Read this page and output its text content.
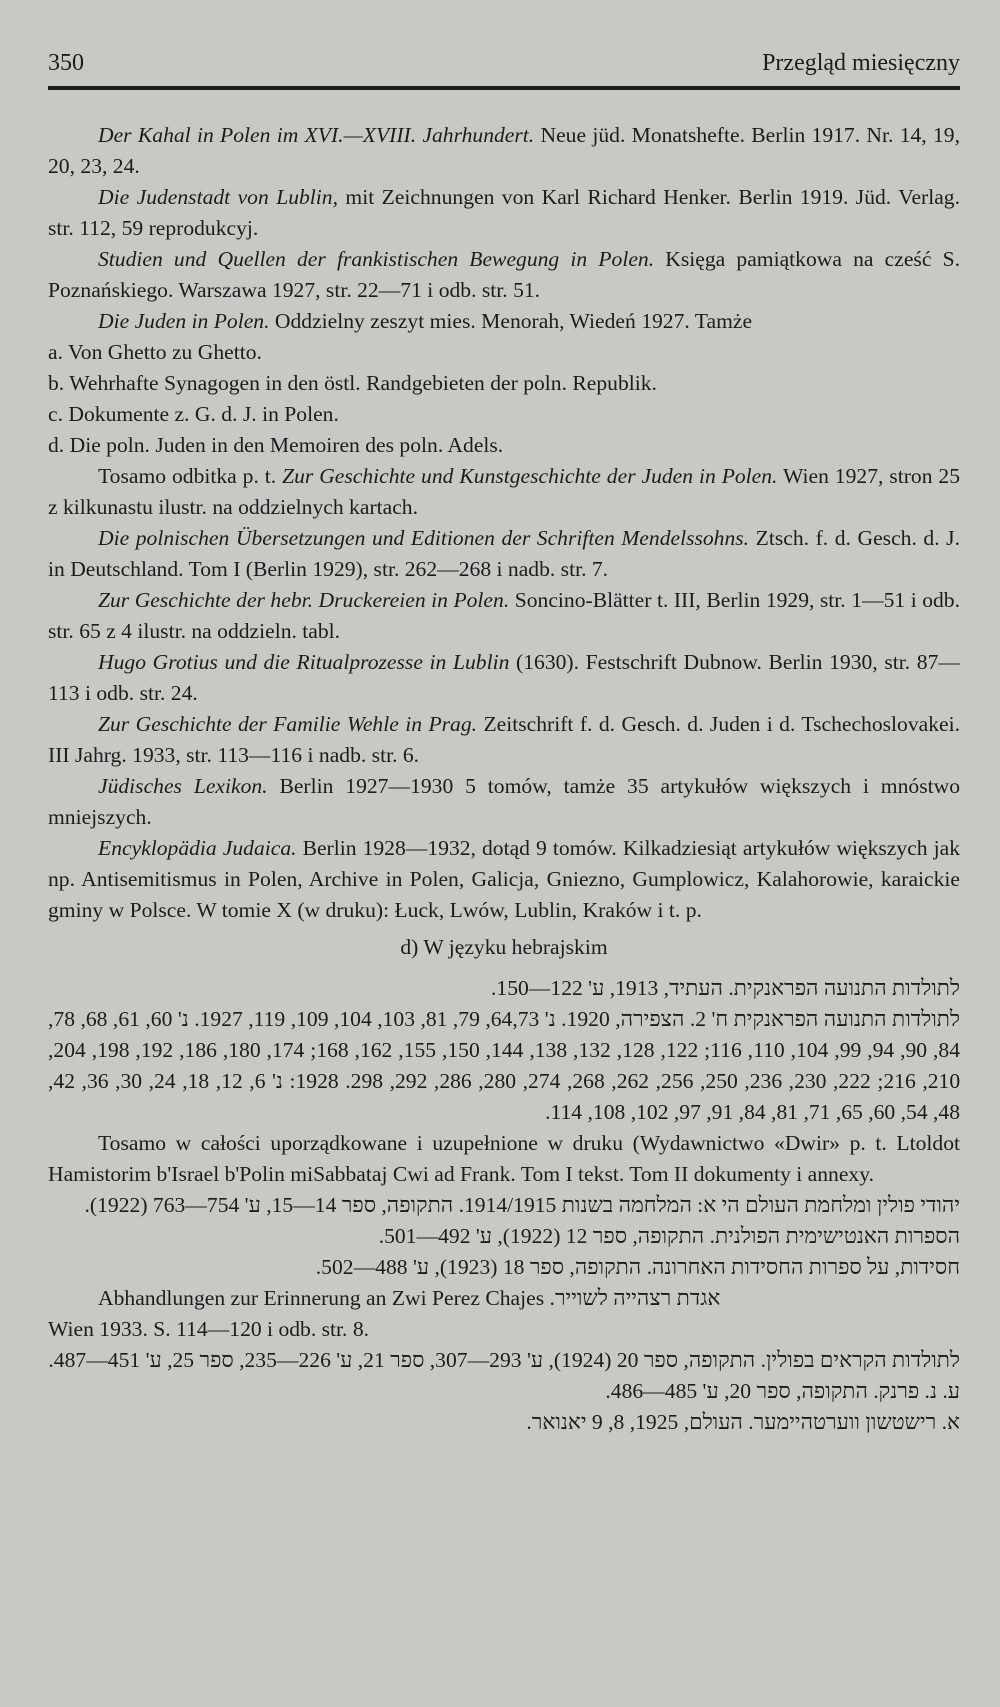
350	Przegląd miesięczny

Der Kahal in Polen im XVI.—XVIII. Jahrhundert. Neue jüd. Monatshefte. Berlin 1917. Nr. 14, 19, 20, 23, 24.

Die Judenstadt von Lublin, mit Zeichnungen von Karl Richard Henker. Berlin 1919. Jüd. Verlag. str. 112, 59 reprodukcyj.

Studien und Quellen der frankistischen Bewegung in Polen. Księga pamiątkowa na cześć S. Poznańskiego. Warszawa 1927, str. 22—71 i odb. str. 51.

Die Juden in Polen. Oddzielny zeszyt mies. Menorah, Wiedeń 1927. Tamże

a. Von Ghetto zu Ghetto.

b. Wehrhafte Synagogen in den östl. Randgebieten der poln. Republik.

c. Dokumente z. G. d. J. in Polen.

d. Die poln. Juden in den Memoiren des poln. Adels.

Tosamo odbitka p. t. Zur Geschichte und Kunstgeschichte der Juden in Polen. Wien 1927, stron 25 z kilkunastu ilustr. na oddzielnych kartach.

Die polnischen Übersetzungen und Editionen der Schriften Mendelssohns. Ztsch. f. d. Gesch. d. J. in Deutschland. Tom I (Berlin 1929), str. 262—268 i nadb. str. 7.

Zur Geschichte der hebr. Druckereien in Polen. Soncino-Blätter t. III, Berlin 1929, str. 1—51 i odb. str. 65 z 4 ilustr. na oddzieln. tabl.

Hugo Grotius und die Ritualprozesse in Lublin (1630). Festschrift Dubnow. Berlin 1930, str. 87—113 i odb. str. 24.

Zur Geschichte der Familie Wehle in Prag. Zeitschrift f. d. Gesch. d. Juden i d. Tschechoslovakei. III Jahrg. 1933, str. 113—116 i nadb. str. 6.

Jüdisches Lexikon. Berlin 1927—1930 5 tomów, tamże 35 artykułów większych i mnóstwo mniejszych.

Encyklopädia Judaica. Berlin 1928—1932, dotąd 9 tomów. Kilkadziesiąt artykułów większych jak np. Antisemitismus in Polen, Archive in Polen, Galicja, Gniezno, Gumplowicz, Kalahorowie, karaickie gminy w Polsce. W tomie X (w druku): Łuck, Lwów, Lublin, Kraków i t. p.

d) W języku hebrajskim

לתולדות התנועה הפראנקית. העתיד, 1913, ע' 122—150.

לתולדות התנועה הפראנקית ח' 2. הצפירה, 1920. נ' 64,73, 79, 81, 103, 104, 109, 119, 1927. נ' 60, 61, 68, 78, 84, 90, 94, 99, 104, 110, 116; 122, 128, 132, 138, 144, 150, 155, 162, 168; 174, 180, 186, 192, 198, 204, 210, 216; 222, 230, 236, 250, 256, 262, 268, 274, 280, 286, 292, 298. 1928: נ' 6, 12, 18, 24, 30, 36, 42, 48, 54, 60, 65, 71, 81, 84, 91, 97, 102, 108, 114.

Tosamo w całości uporządkowane i uzupełnione w druku (Wydawnictwo «Dwir» p. t. Ltoldot Hamistorim b'Israel b'Polin miSabbataj Cwi ad Frank. Tom I tekst. Tom II dokumenty i annexy.

יהודי פולין ומלחמת העולם הי א: המלחמה בשנות 1914/1915. התקופה, ספר 14—15, ע' 754—763 (1922).

הספרות האנטישימית הפולנית. התקופה, ספר 12 (1922), ע' 492—501.

חסידות, על ספרות החסידות האחרונה. התקופה, ספר 18 (1923), ע' 488—502.

Abhandlungen zur Erinnerung an Zwi Perez Chajes אגדת רצהייה לשוייר.

Wien 1933. S. 114—120 i odb. str. 8.

לתולדות הקראים בפולין. התקופה, ספר 20 (1924), ע' 293—307, ספר 21, ע' 226—235, ספר 25, ע' 451—487.

ע. נ. פרנק. התקופה, ספר 20, ע' 485—486.

א. רישטשון ווערטהיימער. העולם, 1925, 8, 9 יאנואר.
